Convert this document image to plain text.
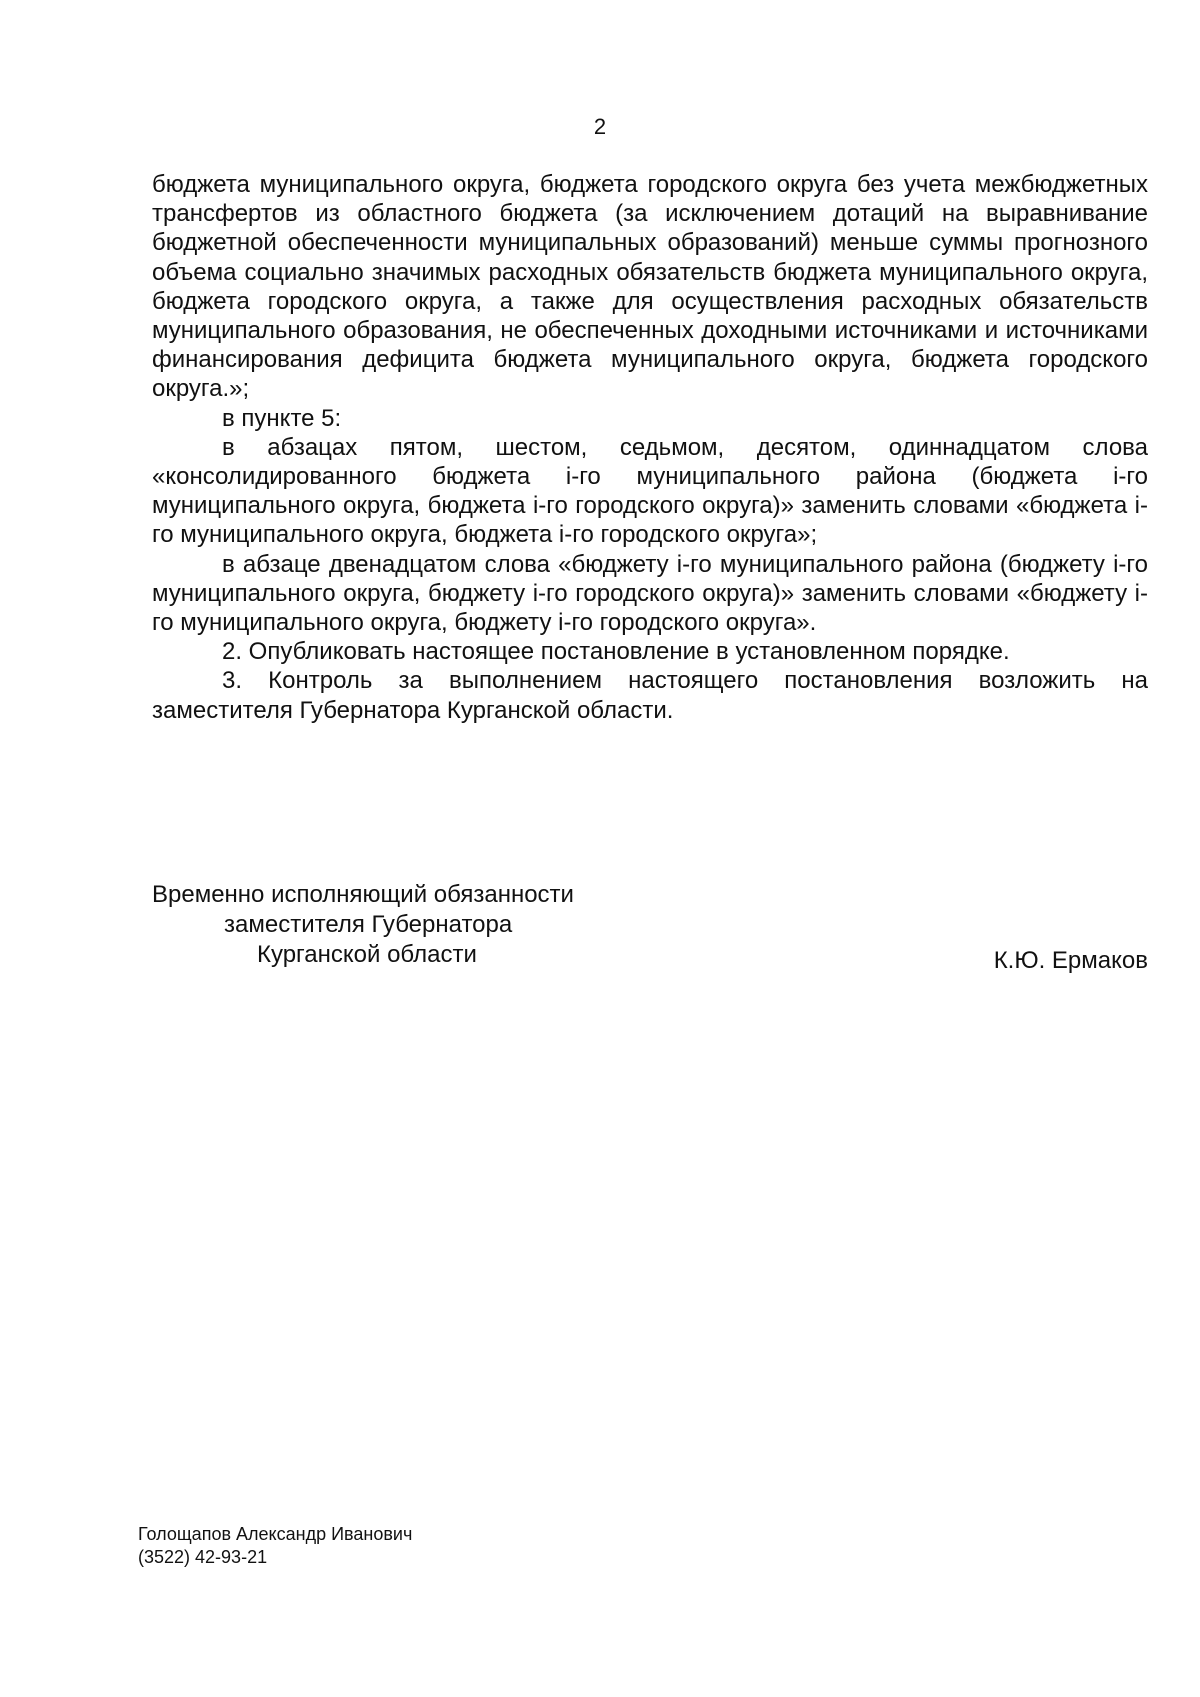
2

бюджета муниципального округа, бюджета городского округа без учета межбюджетных трансфертов из областного бюджета (за исключением дотаций на выравнивание бюджетной обеспеченности муниципальных образований) меньше суммы прогнозного объема социально значимых расходных обязательств бюджета муниципального округа, бюджета городского округа, а также для осуществления расходных обязательств муниципального образования, не обеспеченных доходными источниками и источниками финансирования дефицита бюджета муниципального округа, бюджета городского округа.»;

в пункте 5:

в абзацах пятом, шестом, седьмом, десятом, одиннадцатом слова «консолидированного бюджета i-го муниципального района (бюджета i-го муниципального округа, бюджета i-го городского округа)» заменить словами «бюджета i-го муниципального округа, бюджета i-го городского округа»;

в абзаце двенадцатом слова «бюджету i-го муниципального района (бюджету i-го муниципального округа, бюджету i-го городского округа)» заменить словами «бюджету i-го муниципального округа, бюджету i-го городского округа».

2. Опубликовать настоящее постановление в установленном порядке.

3. Контроль за выполнением настоящего постановления возложить на заместителя Губернатора Курганской области.

Временно исполняющий обязанности
заместителя Губернатора
Курганской области	К.Ю. Ермаков
Голощапов Александр Иванович
(3522) 42-93-21
